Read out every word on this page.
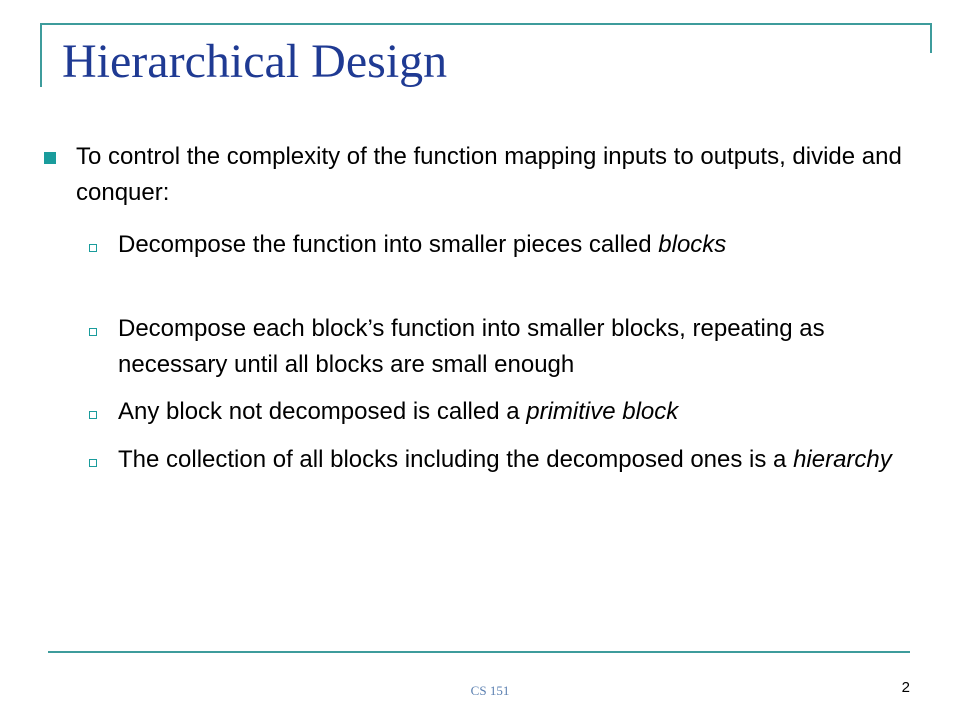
Hierarchical Design

To control the complexity of the function mapping inputs to outputs, divide and conquer:

Decompose the function into smaller pieces called blocks

Decompose each block’s function into smaller blocks, repeating as necessary until all blocks are small enough

Any block not decomposed is called a primitive block

The collection of all blocks including the decomposed ones is a hierarchy

CS 151	2
